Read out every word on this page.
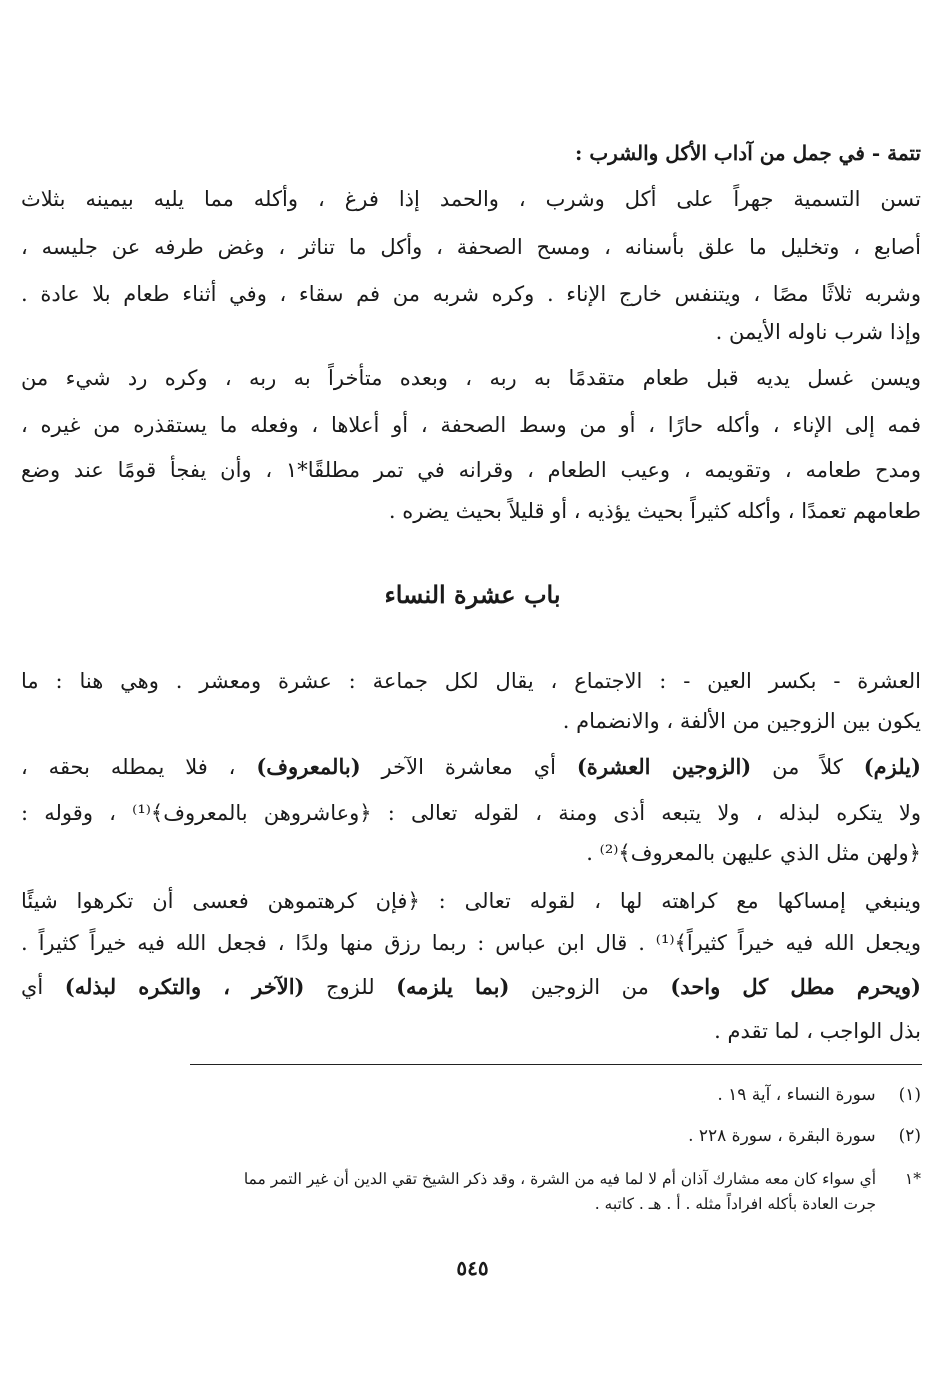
تتمة - في جمل من آداب الأكل والشرب :
تسن التسمية جهراً على أكل وشرب ، والحمد إذا فرغ ، وأكله مما يليه بيمينه بثلاث
أصابع ، وتخليل ما علق بأسنانه ، ومسح الصحفة ، وأكل ما تناثر ، وغض طرفه عن جليسه ،
وشربه ثلاثًا مصًا ، ويتنفس خارج الإناء . وكره شربه من فم سقاء ، وفي أثناء طعام بلا عادة .
وإذا شرب ناوله الأيمن .
ويسن غسل يديه قبل طعام متقدمًا به ربه ، وبعده متأخراً به ربه ، وكره رد شيء من
فمه إلى الإناء ، وأكله حارًا ، أو من وسط الصحفة ، أو أعلاها ، وفعله ما يستقذره من غيره ،
ومدح طعامه ، وتقويمه ، وعيب الطعام ، وقرانه في تمر مطلقًا*١ ، وأن يفجأ قومًا عند وضع
طعامهم تعمدًا ، وأكله كثيراً بحيث يؤذيه ، أو قليلاً بحيث يضره .
باب عشرة النساء
العشرة - بكسر العين - : الاجتماع ، يقال لكل جماعة : عشرة ومعشر . وهي هنا : ما
يكون بين الزوجين من الألفة ، والانضمام .
(يلزم) كلاً من (الزوجين العشرة) أي معاشرة الآخر (بالمعروف) ، فلا يمطله بحقه ،
ولا يتكره لبذله ، ولا يتبعه أذى ومنة ، لقوله تعالى : ﴿وعاشروهن بالمعروف﴾⁽¹⁾ ، وقوله :
﴿ولهن مثل الذي عليهن بالمعروف﴾⁽²⁾ .
وينبغي إمساكها مع كراهته لها ، لقوله تعالى : ﴿فإن كرهتموهن فعسى أن تكرهوا شيئًا
ويجعل الله فيه خيراً كثيراً﴾⁽¹⁾ . قال ابن عباس : ربما رزق منها ولدًا ، فجعل الله فيه خيراً كثيراً .
(ويحرم مطل كل واحد) من الزوجين (بما يلزمه) للزوج (الآخر ، والتكره لبذله) أي
بذل الواجب ، لما تقدم .
(١) سورة النساء ، آية ١٩ .
(٢) سورة البقرة ، سورة ٢٢٨ .
*١ أي سواء كان معه مشارك آذان أم لا لما فيه من الشرة ، وقد ذكر الشيخ تقي الدين أن غير التمر مما
جرت العادة بأكله افراداً مثله . أ . هـ . كاتبه .
٥٤٥
